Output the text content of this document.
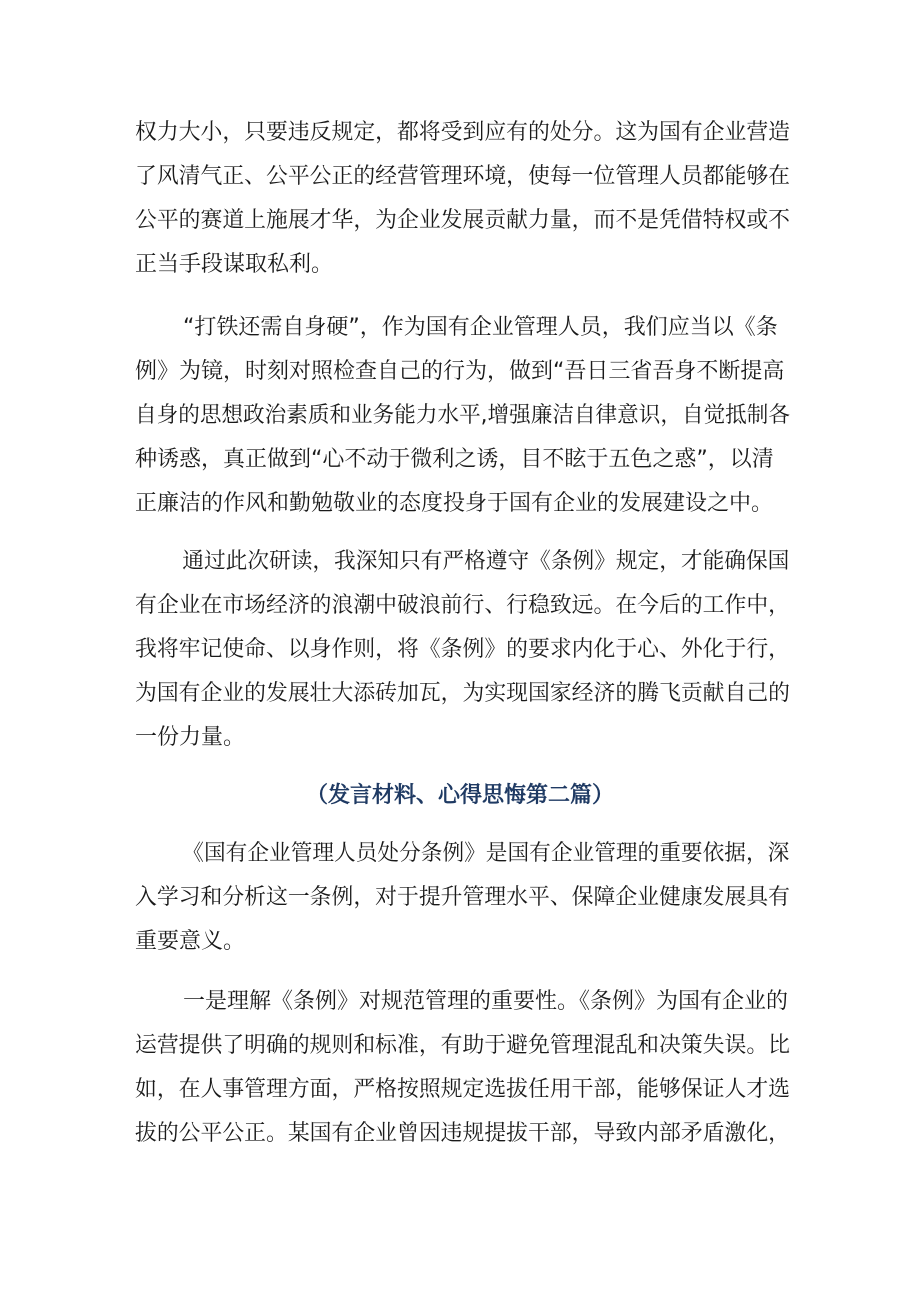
权力大小，只要违反规定，都将受到应有的处分。这为国有企业营造
了风清气正、公平公正的经营管理环境，使每一位管理人员都能够在
公平的赛道上施展才华，为企业发展贡献力量，而不是凭借特权或不
正当手段谋取私利。
“打铁还需自身硬”，作为国有企业管理人员，我们应当以《条
例》为镜，时刻对照检查自己的行为，做到“吾日三省吾身不断提高
自身的思想政治素质和业务能力水平,增强廉洁自律意识，自觉抵制各
种诱惑，真正做到“心不动于微利之诱，目不眩于五色之惑”，以清
正廉洁的作风和勤勉敬业的态度投身于国有企业的发展建设之中。
通过此次研读，我深知只有严格遵守《条例》规定，才能确保国
有企业在市场经济的浪潮中破浪前行、行稳致远。在今后的工作中，
我将牢记使命、以身作则，将《条例》的要求内化于心、外化于行，
为国有企业的发展壮大添砖加瓦，为实现国家经济的腾飞贡献自己的
一份力量。
（发言材料、心得思悔第二篇）
《国有企业管理人员处分条例》是国有企业管理的重要依据，深
入学习和分析这一条例，对于提升管理水平、保障企业健康发展具有
重要意义。
一是理解《条例》对规范管理的重要性。《条例》为国有企业的
运营提供了明确的规则和标准，有助于避免管理混乱和决策失误。比
如，在人事管理方面，严格按照规定选拔任用干部，能够保证人才选
拔的公平公正。某国有企业曾因违规提拔干部，导致内部矛盾激化，
